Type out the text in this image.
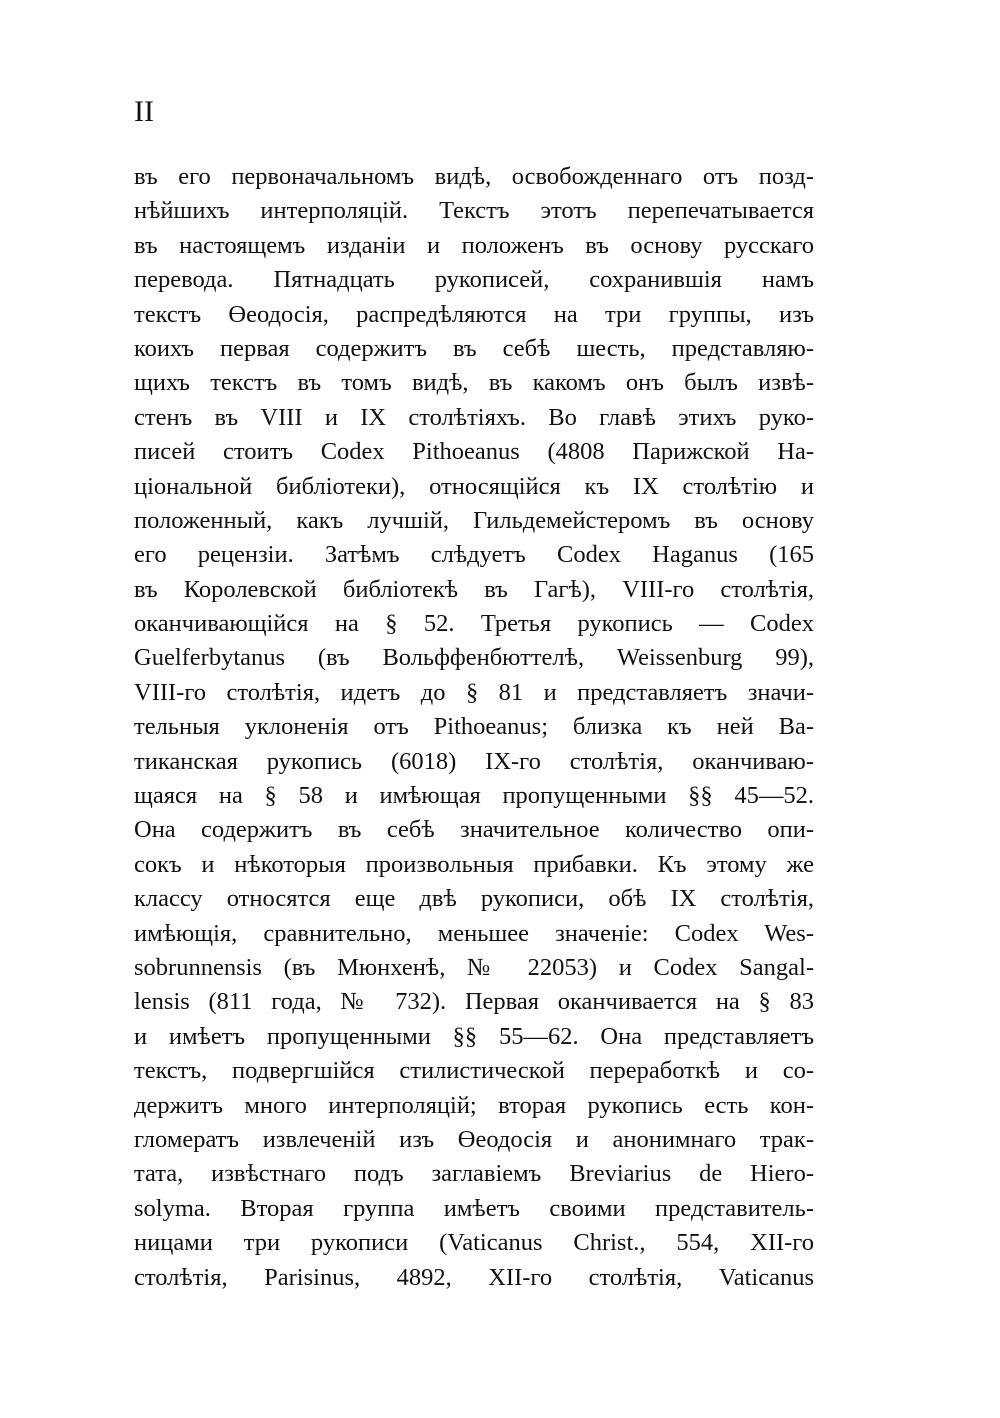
II
въ его первоначальномъ видѣ, освобожденнаго отъ позд-
нѣйшихъ интерполяцій. Текстъ этотъ перепечатывается
въ настоящемъ изданіи и положенъ въ основу русскаго
перевода. Пятнадцать рукописей, сохранившія намъ
текстъ Өеодосія, распредѣляются на три группы, изъ
коихъ первая содержитъ въ себѣ шесть, представляю-
щихъ текстъ въ томъ видѣ, въ какомъ онъ былъ извѣ-
стенъ въ VIII и IX столѣтіяхъ. Во главѣ этихъ руко-
писей стоитъ Codex Pithoeanus (4808 Парижской На-
ціональной библіотеки), относящійся къ IX столѣтію и
положенный, какъ лучшій, Гильдемейстеромъ въ основу
его рецензіи. Затѣмъ слѣдуетъ Codex Haganus (165
въ Королевской библіотекѣ въ Гагѣ), VIII-го столѣтія,
оканчивающійся на § 52. Третья рукопись — Codex
Guelferbytanus (въ Вольффенбюттелѣ, Weissenburg 99),
VIII-го столѣтія, идетъ до § 81 и представляетъ значи-
тельныя уклоненія отъ Pithoeanus; близка къ ней Ва-
тиканская рукопись (6018) IX-го столѣтія, оканчиваю-
щаяся на § 58 и имѣющая пропущенными §§ 45—52.
Она содержитъ въ себѣ значительное количество опи-
сокъ и нѣкоторыя произвольныя прибавки. Къ этому же
классу относятся еще двѣ рукописи, обѣ IX столѣтія,
имѣющія, сравнительно, меньшее значеніе: Codex Wes-
sobrunnensis (въ Мюнхенѣ, № 22053) и Codex Sangal-
lensis (811 года, № 732). Первая оканчивается на § 83
и имѣетъ пропущенными §§ 55—62. Она представляетъ
текстъ, подвергшійся стилистической переработкѣ и со-
держитъ много интерполяцій; вторая рукопись есть кон-
гломератъ извлеченій изъ Өеодосія и анонимнаго трак-
тата, извѣстнаго подъ заглавіемъ Breviarius de Hiero-
solyma. Вторая группа имѣетъ своими представитель-
ницами три рукописи (Vaticanus Christ., 554, XII-го
столѣтія, Parisinus, 4892, XII-го столѣтія, Vaticanus
